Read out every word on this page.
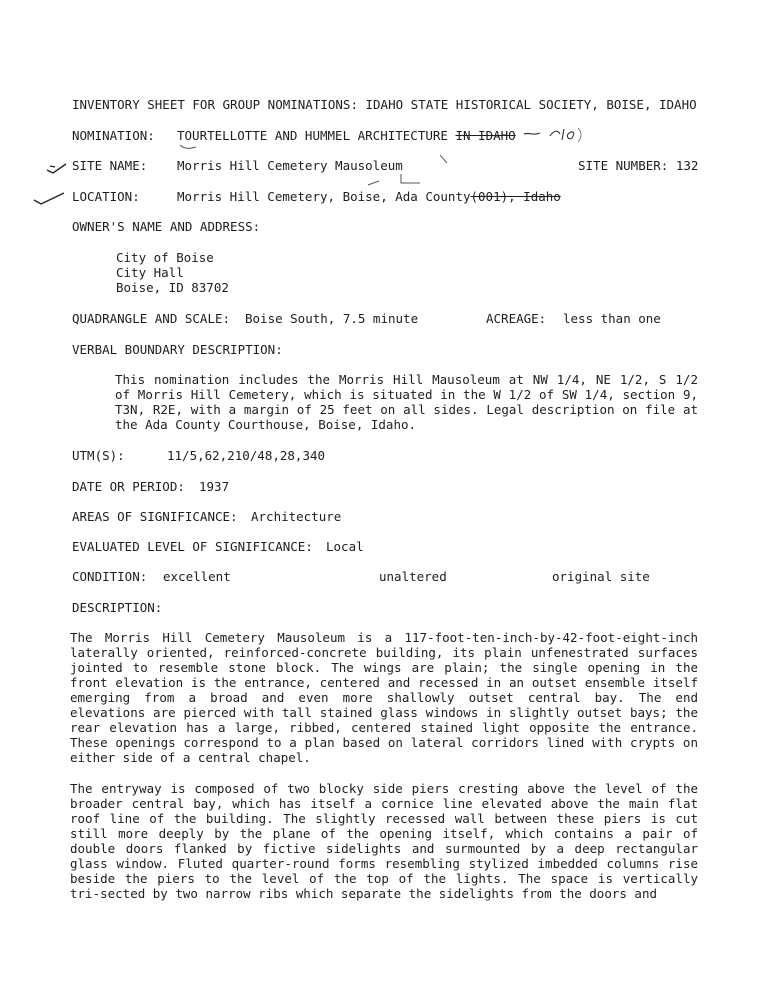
INVENTORY SHEET FOR GROUP NOMINATIONS: IDAHO STATE HISTORICAL SOCIETY, BOISE, IDAHO
NOMINATION: TOURTELLOTTE AND HUMMEL ARCHITECTURE IN IDAHO
SITE NAME: Morris Hill Cemetery Mausoleum	SITE NUMBER: 132
LOCATION:	Morris Hill Cemetery, Boise, Ada County(001), Idaho
OWNER'S NAME AND ADDRESS:
City of Boise
City Hall
Boise, ID 83702
QUADRANGLE AND SCALE: Boise South, 7.5 minute	ACREAGE: less than one
VERBAL BOUNDARY DESCRIPTION:
This nomination includes the Morris Hill Mausoleum at NW 1/4, NE 1/2, S 1/2 of Morris Hill Cemetery, which is situated in the W 1/2 of SW 1/4, section 9, T3N, R2E, with a margin of 25 feet on all sides. Legal description on file at the Ada County Courthouse, Boise, Idaho.
UTM(S):	11/5,62,210/48,28,340
DATE OR PERIOD: 1937
AREAS OF SIGNIFICANCE: Architecture
EVALUATED LEVEL OF SIGNIFICANCE: Local
CONDITION: excellent	unaltered	original site
DESCRIPTION:
The Morris Hill Cemetery Mausoleum is a 117-foot-ten-inch-by-42-foot-eight-inch laterally oriented, reinforced-concrete building, its plain unfenestrated surfaces jointed to resemble stone block. The wings are plain; the single opening in the front elevation is the entrance, centered and recessed in an outset ensemble itself emerging from a broad and even more shallowly outset central bay. The end elevations are pierced with tall stained glass windows in slightly outset bays; the rear elevation has a large, ribbed, centered stained light opposite the entrance. These openings correspond to a plan based on lateral corridors lined with crypts on either side of a central chapel.
The entryway is composed of two blocky side piers cresting above the level of the broader central bay, which has itself a cornice line elevated above the main flat roof line of the building. The slightly recessed wall between these piers is cut still more deeply by the plane of the opening itself, which contains a pair of double doors flanked by fictive sidelights and surmounted by a deep rectangular glass window. Fluted quarter-round forms resembling stylized imbedded columns rise beside the piers to the level of the top of the lights. The space is vertically tri-sected by two narrow ribs which separate the sidelights from the doors and
